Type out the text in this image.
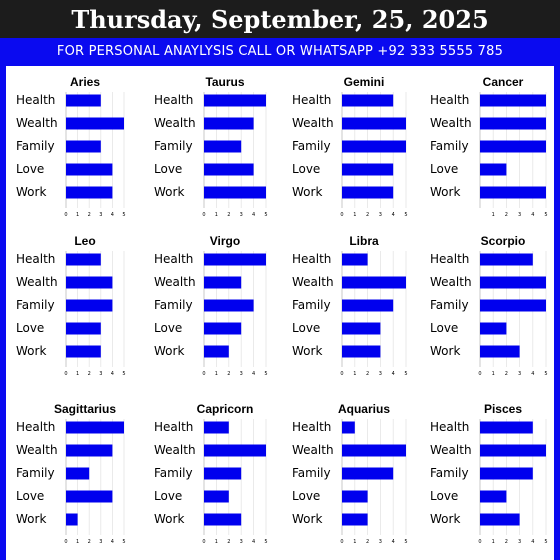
Thursday, September, 25, 2025
FOR PERSONAL ANAYLYSIS CALL OR WHATSAPP +92 333 5555 785
Aries
Health
Wealth
Family
Love
Work
0 1 2 3 4 5
Taurus
Health
Wealth
Family
Love
Work
0 1 2 3 4 5
Gemini
Health
Wealth
Family
Love
Work
0 1 2 3 4 5
Cancer
Health
Wealth
Family
Love
Work
1 2 3 4 5
Leo
Health
Wealth
Family
Love
Work
0 1 2 3 4 5
Virgo
Health
Wealth
Family
Love
Work
0 1 2 3 4 5
Libra
Health
Wealth
Family
Love
Work
0 1 2 3 4 5
Scorpio
Health
Wealth
Family
Love
Work
0 1 2 3 4 5
Sagittarius
Health
Wealth
Family
Love
Work
0 1 2 3 4 5
Capricorn
Health
Wealth
Family
Love
Work
0 1 2 3 4 5
Aquarius
Health
Wealth
Family
Love
Work
0 1 2 3 4 5
Pisces
Health
Wealth
Family
Love
Work
0 1 2 3 4 5
